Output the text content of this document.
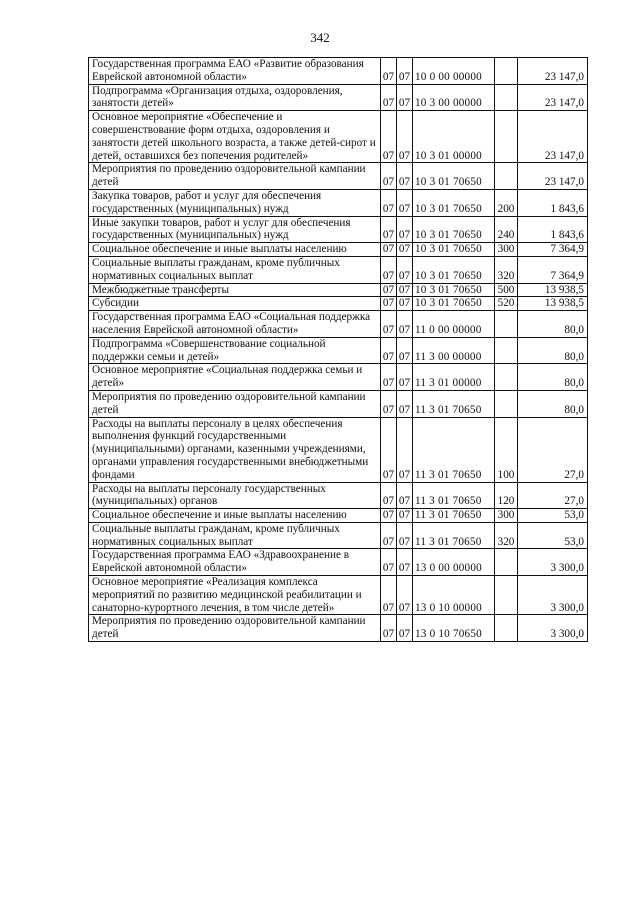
342
Государственная программа ЕАО «Развитие образования Еврейской автономной области»	07	07	10 0 00 00000		23 147,0
Подпрограмма «Организация отдыха, оздоровления, занятости детей»	07	07	10 3 00 00000		23 147,0
Основное мероприятие «Обеспечение и совершенствование форм отдыха, оздоровления и занятости детей школьного возраста, а также детей-сирот и детей, оставшихся без попечения родителей»	07	07	10 3 01 00000		23 147,0
Мероприятия по проведению оздоровительной кампании детей	07	07	10 3 01 70650		23 147,0
Закупка товаров, работ и услуг для обеспечения государственных (муниципальных) нужд	07	07	10 3 01 70650	200	1 843,6
Иные закупки товаров, работ и услуг для обеспечения государственных (муниципальных) нужд	07	07	10 3 01 70650	240	1 843,6
Социальное обеспечение и иные выплаты населению	07	07	10 3 01 70650	300	7 364,9
Социальные выплаты гражданам, кроме публичных нормативных социальных выплат	07	07	10 3 01 70650	320	7 364,9
Межбюджетные трансферты	07	07	10 3 01 70650	500	13 938,5
Субсидии	07	07	10 3 01 70650	520	13 938,5
Государственная программа ЕАО «Социальная поддержка населения Еврейской автономной области»	07	07	11 0 00 00000		80,0
Подпрограмма «Совершенствование социальной поддержки семьи и детей»	07	07	11 3 00 00000		80,0
Основное мероприятие «Социальная поддержка семьи и детей»	07	07	11 3 01 00000		80,0
Мероприятия по проведению оздоровительной кампании детей	07	07	11 3 01 70650		80,0
Расходы на выплаты персоналу в целях обеспечения выполнения функций государственными (муниципальными) органами, казенными учреждениями, органами управления государственными внебюджетными фондами	07	07	11 3 01 70650	100	27,0
Расходы на выплаты персоналу государственных (муниципальных) органов	07	07	11 3 01 70650	120	27,0
Социальное обеспечение и иные выплаты населению	07	07	11 3 01 70650	300	53,0
Социальные выплаты гражданам, кроме публичных нормативных социальных выплат	07	07	11 3 01 70650	320	53,0
Государственная программа ЕАО «Здравоохранение в Еврейской автономной области»	07	07	13 0 00 00000		3 300,0
Основное мероприятие «Реализация комплекса мероприятий по развитию медицинской реабилитации и санаторно-курортного лечения, в том числе детей»	07	07	13 0 10 00000		3 300,0
Мероприятия по проведению оздоровительной кампании детей	07	07	13 0 10 70650		3 300,0
